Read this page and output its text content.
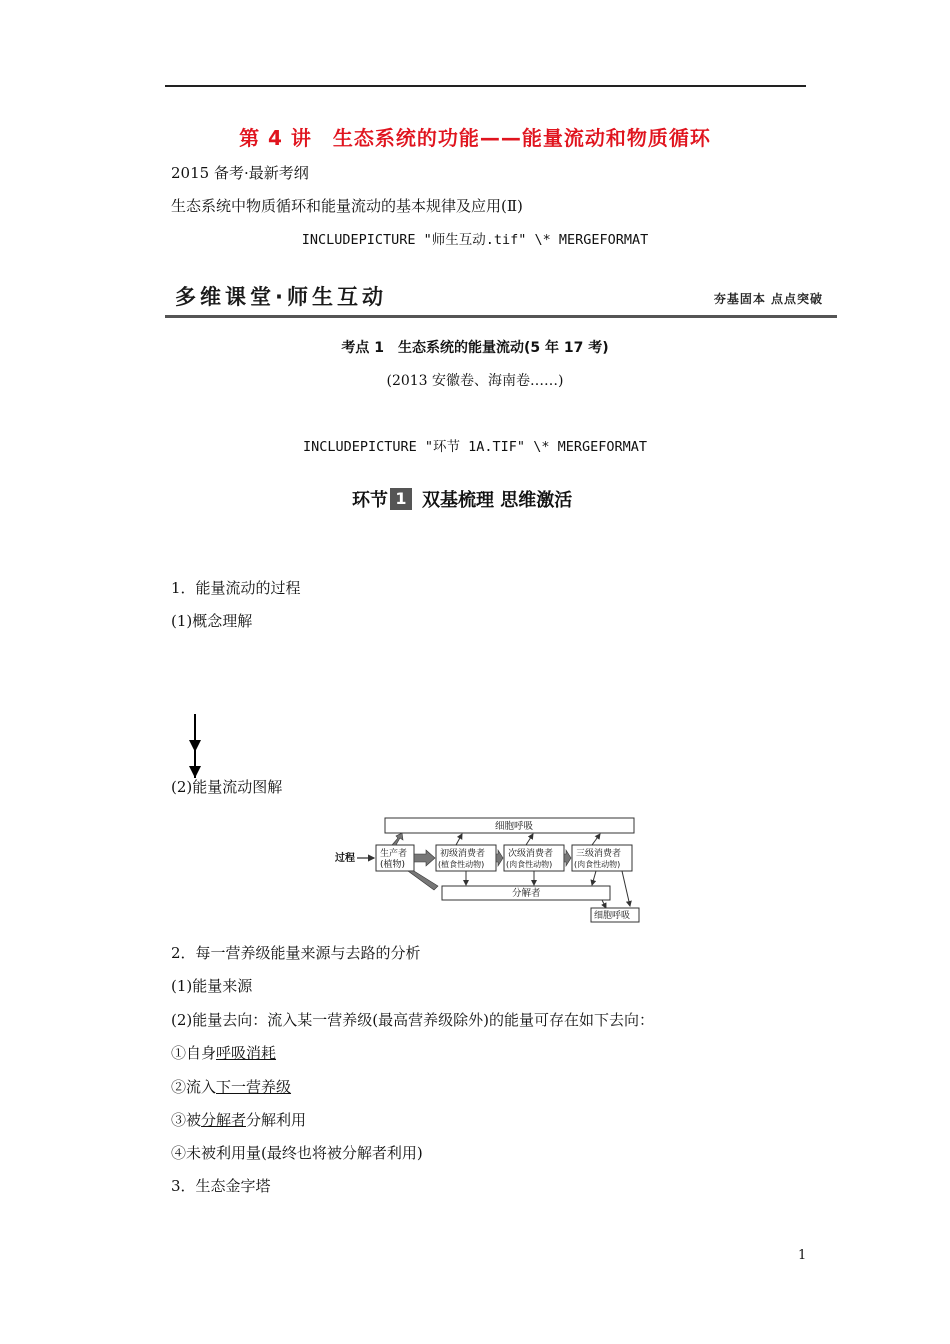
第 4 讲　生态系统的功能——能量流动和物质循环
2015 备考·最新考纲
生态系统中物质循环和能量流动的基本规律及应用(Ⅱ)
INCLUDEPICTURE "师生互动.tif" \* MERGEFORMAT
多维课堂·师生互动	夯基固本 点点突破
考点 1　生态系统的能量流动(5 年 17 考)
(2013 安徽卷、海南卷……)
INCLUDEPICTURE "环节 1A.TIF" \* MERGEFORMAT
环节 1 双基梳理 思维激活
1．能量流动的过程
(1)概念理解
(2)能量流动图解
细胞呼吸
过程	生产者
(植物)
初级消费者
(植食性动物)
次级消费者
(肉食性动物)
三级消费者
(肉食性动物)
分解者
细胞呼吸
2．每一营养级能量来源与去路的分析
(1)能量来源
(2)能量去向：流入某一营养级(最高营养级除外)的能量可存在如下去向：
①自身呼吸消耗
②流入下一营养级
③被分解者分解利用
④未被利用量(最终也将被分解者利用)
3．生态金字塔
1
